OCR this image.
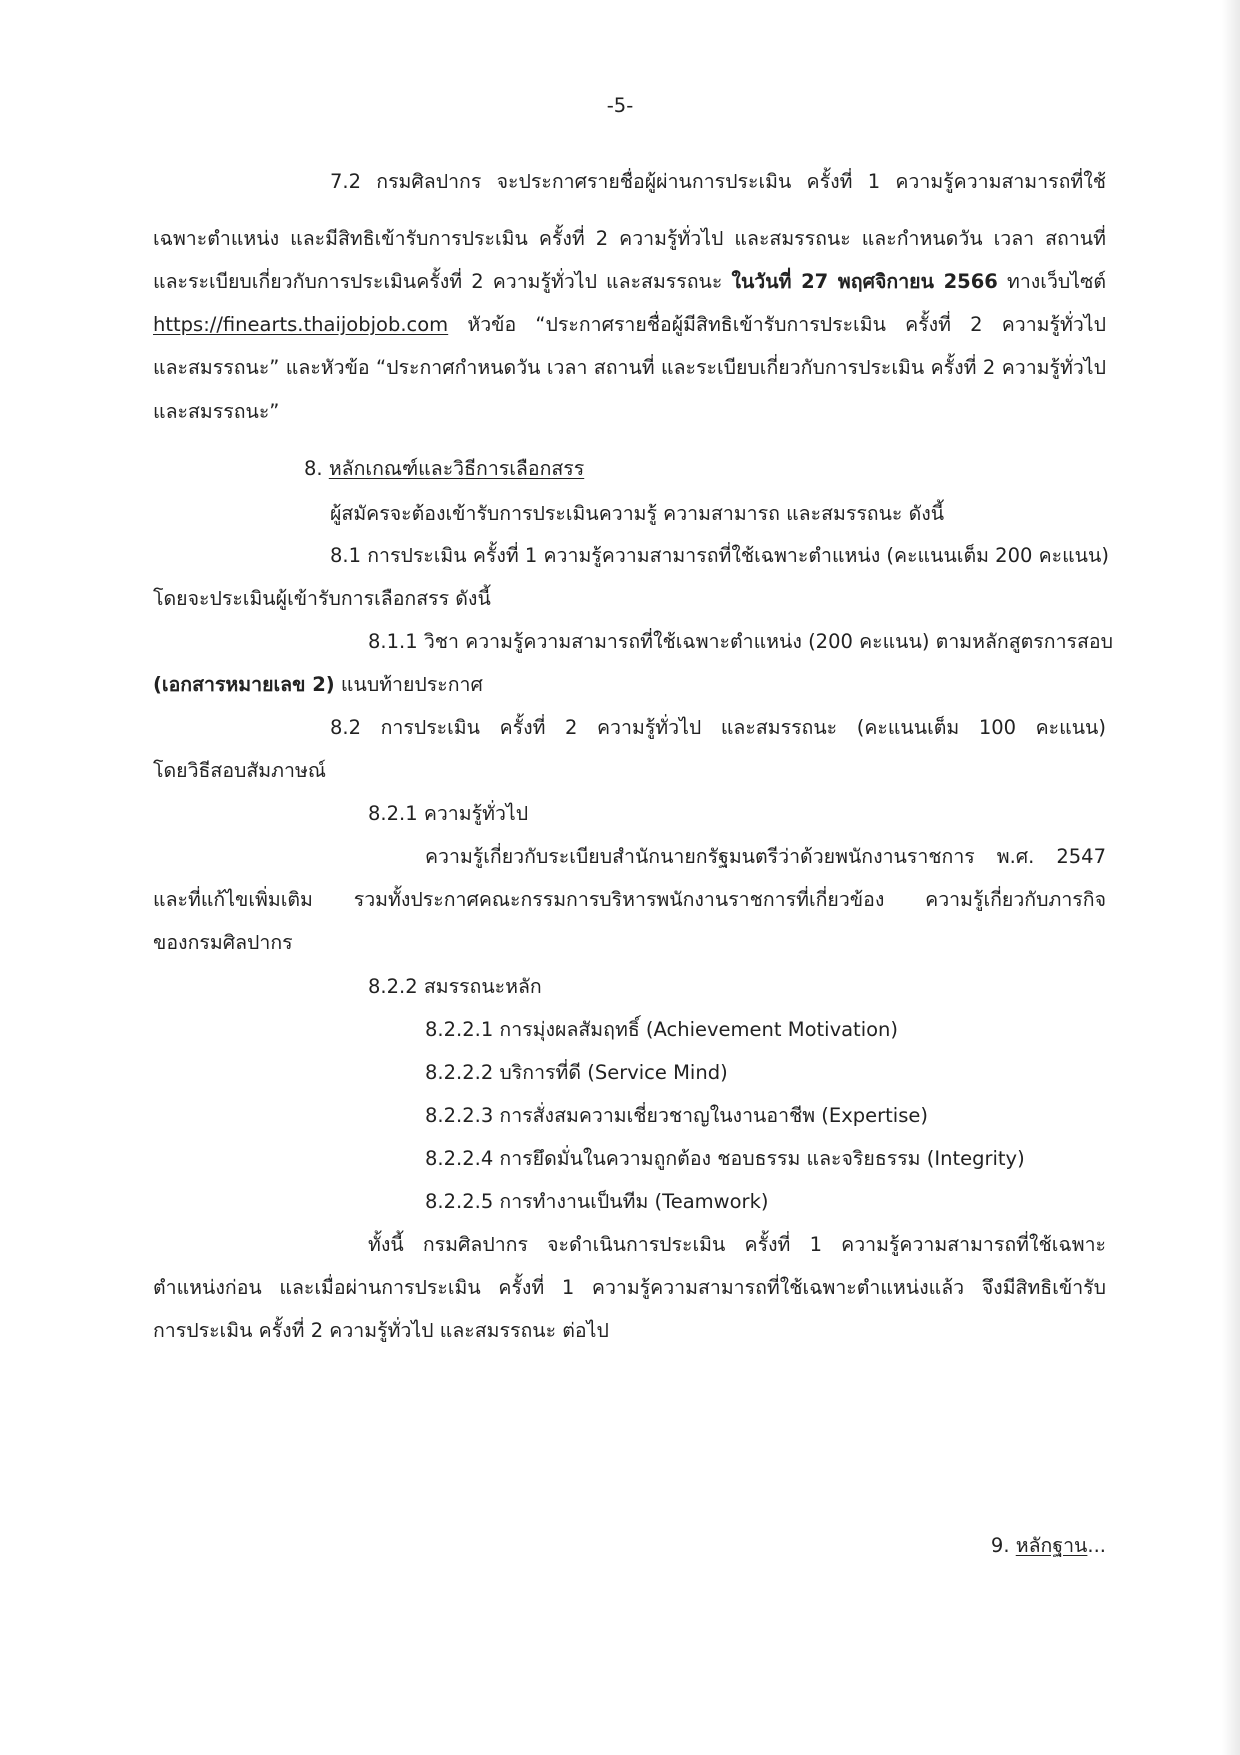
-5-

7.2 กรมศิลปากร จะประกาศรายชื่อผู้ผ่านการประเมิน ครั้งที่ 1 ความรู้ความสามารถที่ใช้

เฉพาะตำแหน่ง และมีสิทธิเข้ารับการประเมิน ครั้งที่ 2 ความรู้ทั่วไป และสมรรถนะ และกำหนดวัน เวลา สถานที่

และระเบียบเกี่ยวกับการประเมินครั้งที่ 2 ความรู้ทั่วไป และสมรรถนะ ในวันที่ 27 พฤศจิกายน 2566 ทางเว็บไซต์

https://finearts.thaijobjob.com หัวข้อ “ประกาศรายชื่อผู้มีสิทธิเข้ารับการประเมิน ครั้งที่ 2 ความรู้ทั่วไป

และสมรรถนะ” และหัวข้อ “ประกาศกำหนดวัน เวลา สถานที่ และระเบียบเกี่ยวกับการประเมิน ครั้งที่ 2 ความรู้ทั่วไป

และสมรรถนะ”

8. หลักเกณฑ์และวิธีการเลือกสรร

ผู้สมัครจะต้องเข้ารับการประเมินความรู้ ความสามารถ และสมรรถนะ ดังนี้

8.1 การประเมิน ครั้งที่ 1 ความรู้ความสามารถที่ใช้เฉพาะตำแหน่ง (คะแนนเต็ม 200 คะแนน)

โดยจะประเมินผู้เข้ารับการเลือกสรร ดังนี้

8.1.1 วิชา ความรู้ความสามารถที่ใช้เฉพาะตำแหน่ง (200 คะแนน) ตามหลักสูตรการสอบ

(เอกสารหมายเลข 2) แนบท้ายประกาศ

8.2 การประเมิน ครั้งที่ 2 ความรู้ทั่วไป และสมรรถนะ (คะแนนเต็ม 100 คะแนน)

โดยวิธีสอบสัมภาษณ์

8.2.1 ความรู้ทั่วไป

ความรู้เกี่ยวกับระเบียบสำนักนายกรัฐมนตรีว่าด้วยพนักงานราชการ พ.ศ. 2547

และที่แก้ไขเพิ่มเติม รวมทั้งประกาศคณะกรรมการบริหารพนักงานราชการที่เกี่ยวข้อง ความรู้เกี่ยวกับภารกิจ

ของกรมศิลปากร

8.2.2 สมรรถนะหลัก

8.2.2.1 การมุ่งผลสัมฤทธิ์ (Achievement Motivation)

8.2.2.2 บริการที่ดี (Service Mind)

8.2.2.3 การสั่งสมความเชี่ยวชาญในงานอาชีพ (Expertise)

8.2.2.4 การยึดมั่นในความถูกต้อง ชอบธรรม และจริยธรรม (Integrity)

8.2.2.5 การทำงานเป็นทีม (Teamwork)

ทั้งนี้ กรมศิลปากร จะดำเนินการประเมิน ครั้งที่ 1 ความรู้ความสามารถที่ใช้เฉพาะ

ตำแหน่งก่อน และเมื่อผ่านการประเมิน ครั้งที่ 1 ความรู้ความสามารถที่ใช้เฉพาะตำแหน่งแล้ว จึงมีสิทธิเข้ารับ

การประเมิน ครั้งที่ 2 ความรู้ทั่วไป และสมรรถนะ ต่อไป

9. หลักฐาน...
